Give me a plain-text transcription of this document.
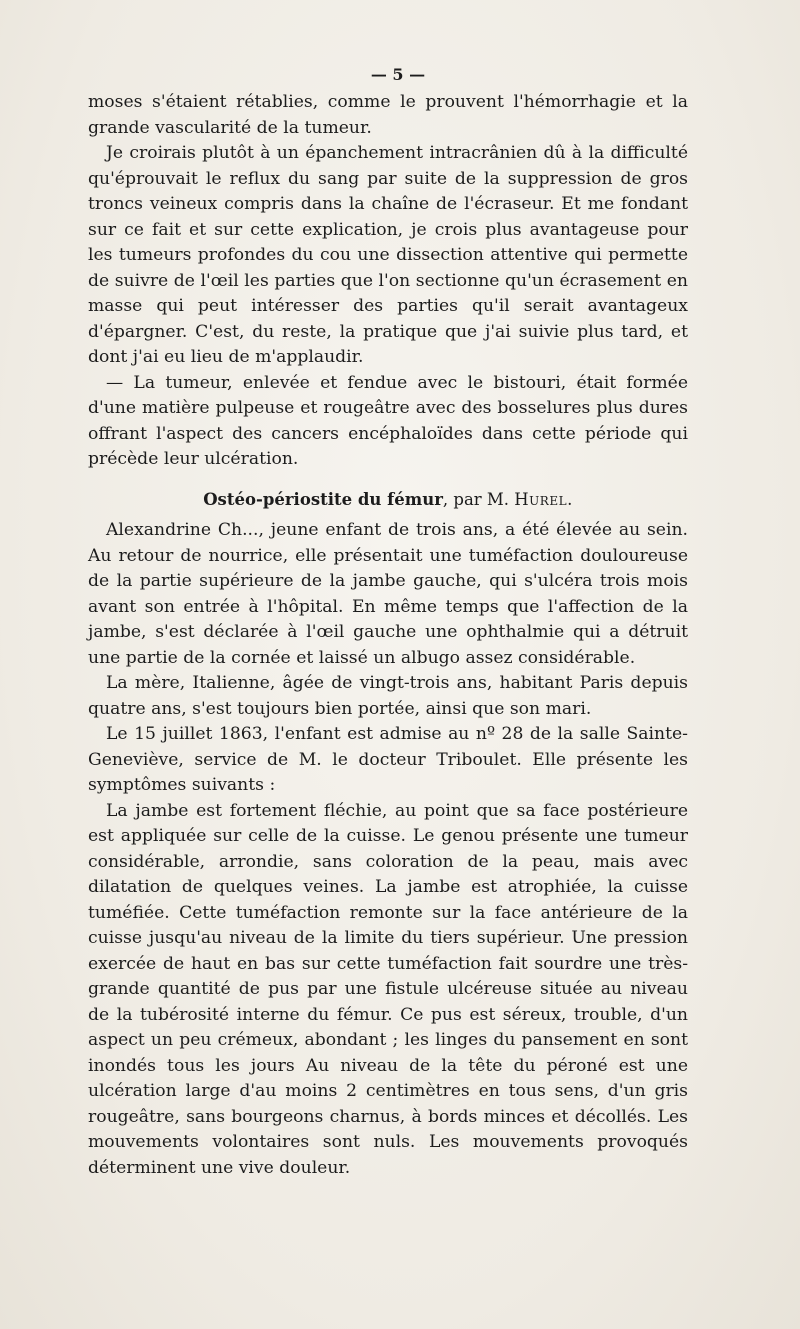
— 5 —

moses s'étaient rétablies, comme le prouvent l'hémorrhagie et la grande vascularité de la tumeur.

Je croirais plutôt à un épanchement intracrânien dû à la difficulté qu'éprouvait le reflux du sang par suite de la suppression de gros troncs veineux compris dans la chaîne de l'écraseur. Et me fondant sur ce fait et sur cette explication, je crois plus avantageuse pour les tumeurs profondes du cou une dissection attentive qui permette de suivre de l'œil les parties que l'on sectionne qu'un écrasement en masse qui peut intéresser des parties qu'il serait avantageux d'épargner. C'est, du reste, la pratique que j'ai suivie plus tard, et dont j'ai eu lieu de m'applaudir.

— La tumeur, enlevée et fendue avec le bistouri, était formée d'une matière pulpeuse et rougeâtre avec des bosselures plus dures offrant l'aspect des cancers encéphaloïdes dans cette période qui précède leur ulcération.

Ostéo-périostite du fémur, par M. Hurel.

Alexandrine Ch..., jeune enfant de trois ans, a été élevée au sein. Au retour de nourrice, elle présentait une tuméfaction douloureuse de la partie supérieure de la jambe gauche, qui s'ulcéra trois mois avant son entrée à l'hôpital. En même temps que l'affection de la jambe, s'est déclarée à l'œil gauche une ophthalmie qui a détruit une partie de la cornée et laissé un albugo assez considérable.

La mère, Italienne, âgée de vingt-trois ans, habitant Paris depuis quatre ans, s'est toujours bien portée, ainsi que son mari.

Le 15 juillet 1863, l'enfant est admise au nº 28 de la salle Sainte-Geneviève, service de M. le docteur Triboulet. Elle présente les symptômes suivants :

La jambe est fortement fléchie, au point que sa face postérieure est appliquée sur celle de la cuisse. Le genou présente une tumeur considérable, arrondie, sans coloration de la peau, mais avec dilatation de quelques veines. La jambe est atrophiée, la cuisse tuméfiée. Cette tuméfaction remonte sur la face antérieure de la cuisse jusqu'au niveau de la limite du tiers supérieur. Une pression exercée de haut en bas sur cette tuméfaction fait sourdre une très-grande quantité de pus par une fistule ulcéreuse située au niveau de la tubérosité interne du fémur. Ce pus est séreux, trouble, d'un aspect un peu crémeux, abondant ; les linges du pansement en sont inondés tous les jours Au niveau de la tête du péroné est une ulcération large d'au moins 2 centimètres en tous sens, d'un gris rougeâtre, sans bourgeons charnus, à bords minces et décollés. Les mouvements volontaires sont nuls. Les mouvements provoqués déterminent une vive douleur.
